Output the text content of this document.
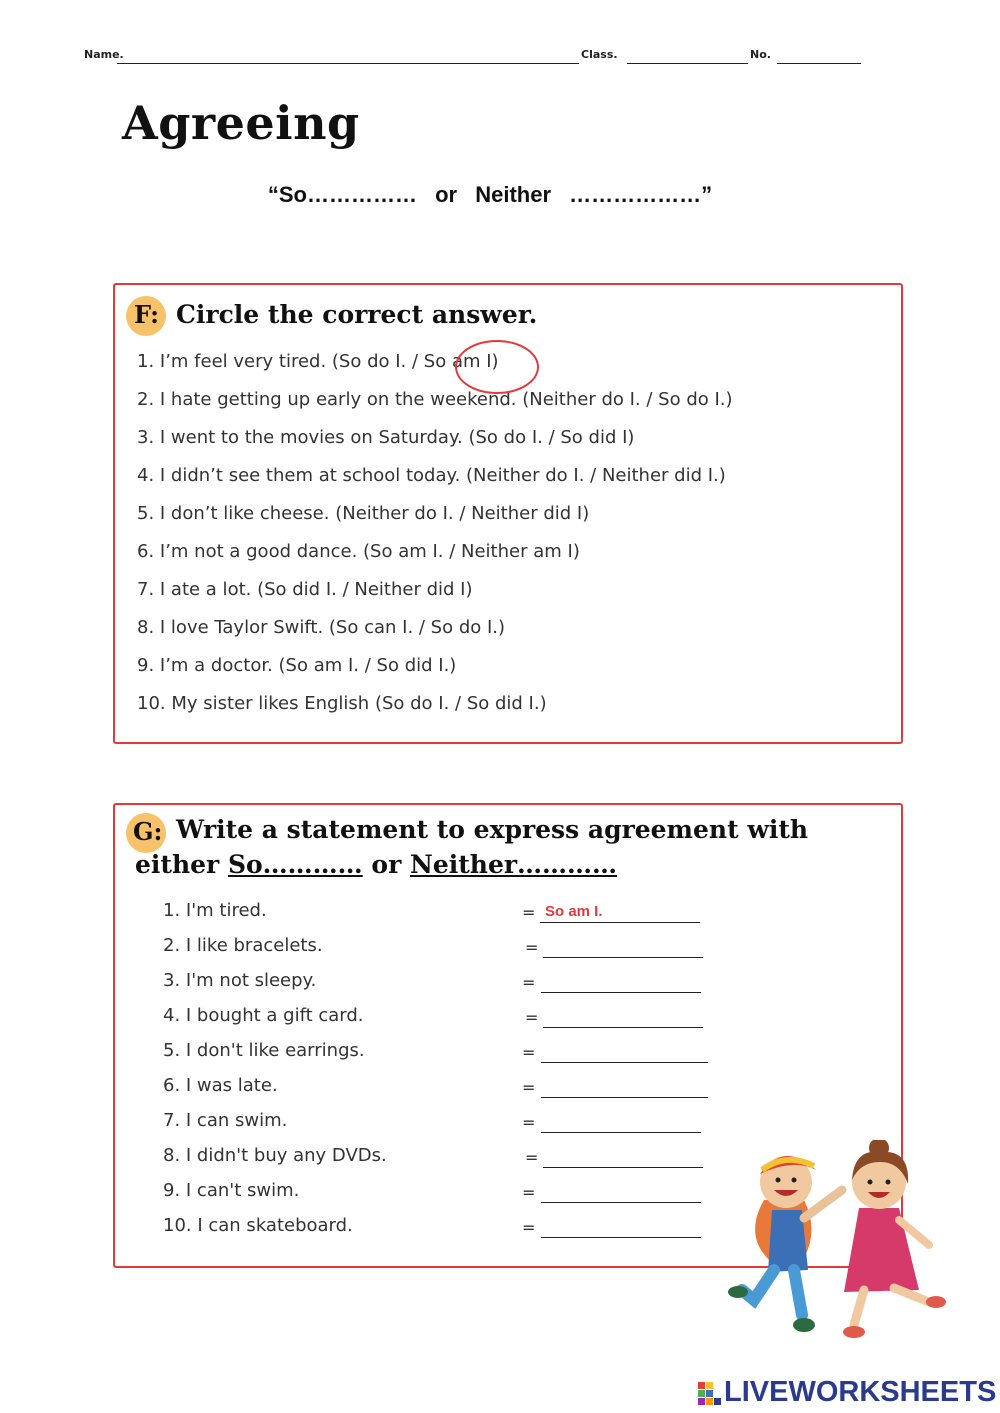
Name.	Class.	No.
Agreeing
“So…………… or Neither ………………”
F: Circle the correct answer.
1. I’m feel very tired. (So do I. / So am I)
2. I hate getting up early on the weekend. (Neither do I. / So do I.)
3. I went to the movies on Saturday. (So do I. / So did I)
4. I didn’t see them at school today. (Neither do I. / Neither did I.)
5. I don’t like cheese. (Neither do I. / Neither did I)
6. I’m not a good dance. (So am I. / Neither am I)
7. I ate a lot. (So did I. / Neither did I)
8. I love Taylor Swift. (So can I. / So do I.)
9. I’m a doctor. (So am I. / So did I.)
10. My sister likes English (So do I. / So did I.)
G: Write a statement to express agreement with
either So………… or Neither…………
1. I'm tired.	= So am I.
2. I like bracelets.	=
3. I'm not sleepy.	=
4. I bought a gift card.	=
5. I don't like earrings.	=
6. I was late.	=
7. I can swim.	=
8. I didn't buy any DVDs.	=
9. I can't swim.	=
10. I can skateboard.	=
LIVEWORKSHEETS
